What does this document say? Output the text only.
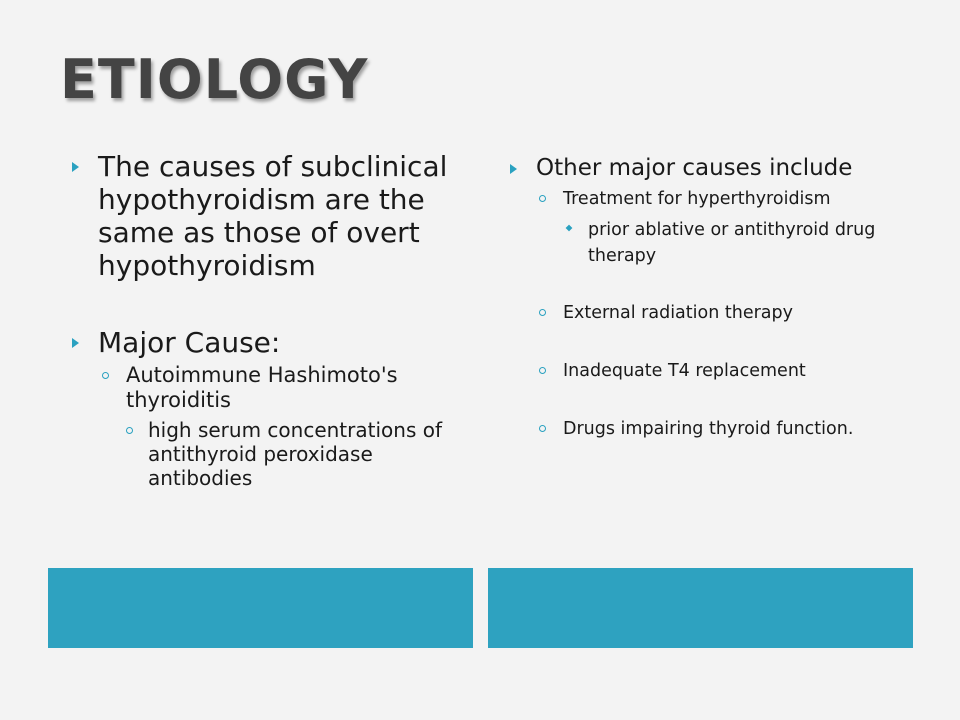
ETIOLOGY
The causes of subclinical hypothyroidism are the same as those of overt hypothyroidism
Major Cause:
Autoimmune Hashimoto's thyroiditis
high serum concentrations of antithyroid peroxidase antibodies
Other major causes include
Treatment for hyperthyroidism
prior ablative or antithyroid drug therapy
External radiation therapy
Inadequate T4 replacement
Drugs impairing thyroid function.
